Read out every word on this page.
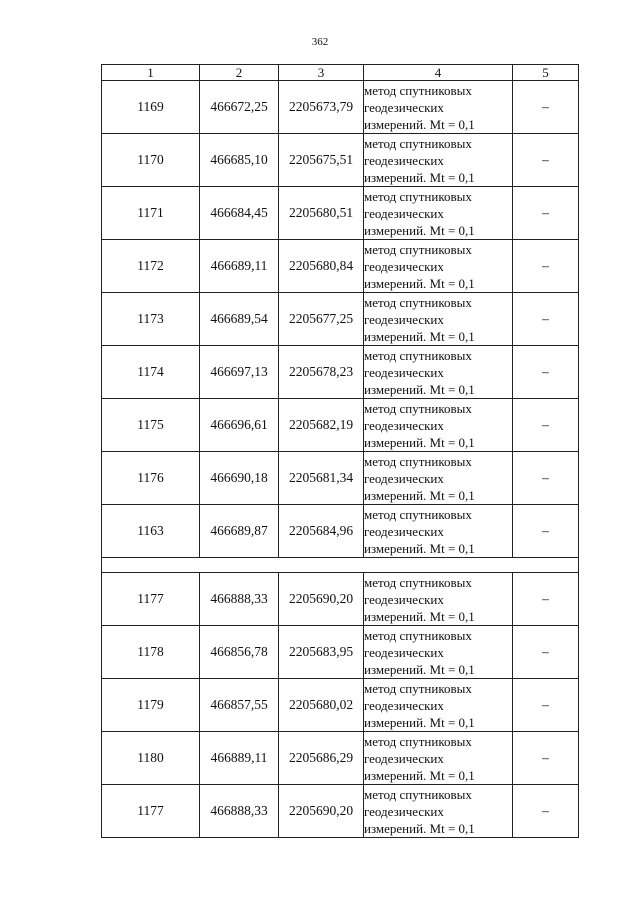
362
1	2	3	4	5
1169	466672,25	2205673,79	метод спутниковых
геодезических
измерений. Mt = 0,1	–
1170	466685,10	2205675,51	метод спутниковых
геодезических
измерений. Mt = 0,1	–
1171	466684,45	2205680,51	метод спутниковых
геодезических
измерений. Mt = 0,1	–
1172	466689,11	2205680,84	метод спутниковых
геодезических
измерений. Mt = 0,1	–
1173	466689,54	2205677,25	метод спутниковых
геодезических
измерений. Mt = 0,1	–
1174	466697,13	2205678,23	метод спутниковых
геодезических
измерений. Mt = 0,1	–
1175	466696,61	2205682,19	метод спутниковых
геодезических
измерений. Mt = 0,1	–
1176	466690,18	2205681,34	метод спутниковых
геодезических
измерений. Mt = 0,1	–
1163	466689,87	2205684,96	метод спутниковых
геодезических
измерений. Mt = 0,1	–

1177	466888,33	2205690,20	метод спутниковых
геодезических
измерений. Mt = 0,1	–
1178	466856,78	2205683,95	метод спутниковых
геодезических
измерений. Mt = 0,1	–
1179	466857,55	2205680,02	метод спутниковых
геодезических
измерений. Mt = 0,1	–
1180	466889,11	2205686,29	метод спутниковых
геодезических
измерений. Mt = 0,1	–
1177	466888,33	2205690,20	метод спутниковых
геодезических
измерений. Mt = 0,1	–
